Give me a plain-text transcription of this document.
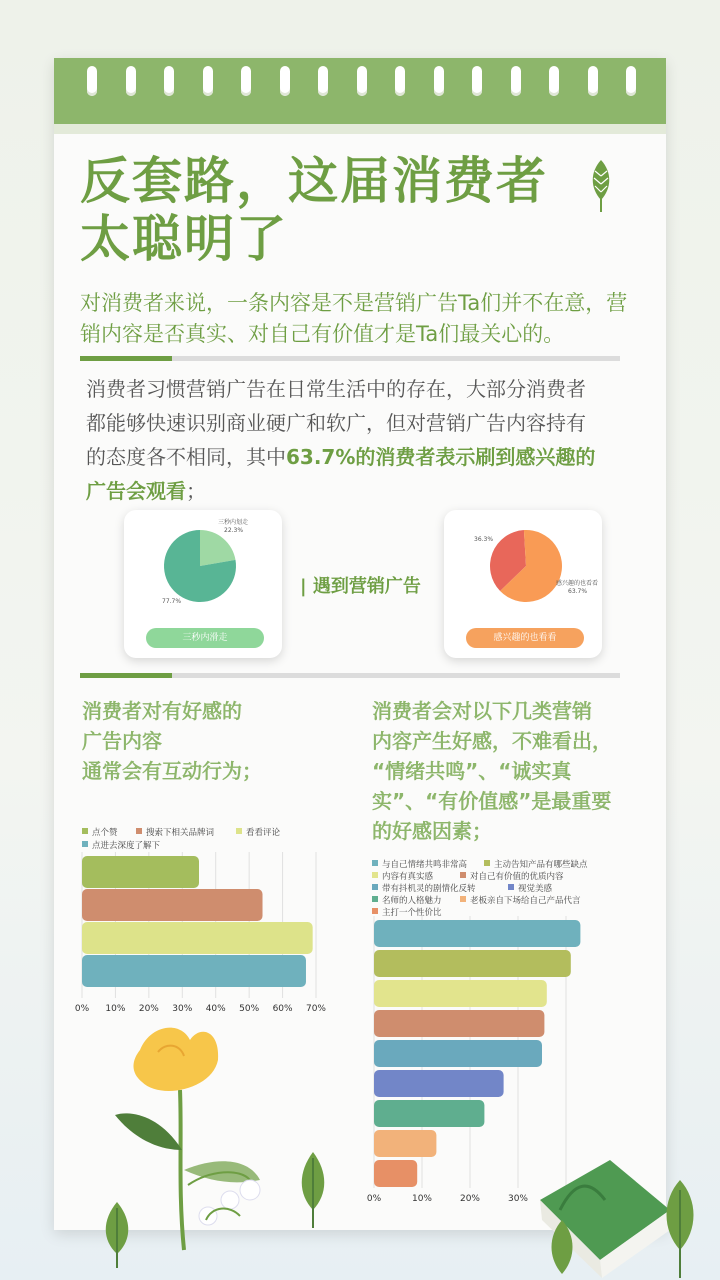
反套路，这届消费者
太聪明了

对消费者来说，一条内容是不是营销广告Ta们并不在意，营
销内容是否真实、对自己有价值才是Ta们最关心的。

消费者习惯营销广告在日常生活中的存在，大部分消费者
都能够快速识别商业硬广和软广，但对营销广告内容持有
的态度各不相同，其中63.7%的消费者表示刷到感兴趣的
广告会观看；

三秒内划走
22.3%
77.7%
三秒内滑走
| 遇到营销广告
36.3%
感兴趣的也看看
63.7%
感兴趣的也看看

消费者对有好感的
广告内容
通常会有互动行为；

消费者会对以下几类营销
内容产生好感，不难看出，
“情绪共鸣”、“诚实真
实”、“有价值感”是最重要
的好感因素；

点个赞	搜索下相关品牌词	看看评论
点进去深度了解下
0% 10% 20% 30% 40% 50% 60% 70%
与自己情绪共鸣非常高	主动告知产品有哪些缺点
内容有真实感	对自己有价值的优质内容
带有抖机灵的剧情化反转	视觉美感
名师的人格魅力	老板亲自下场给自己产品代言
主打一个性价比
0%	10%	20%	30%
